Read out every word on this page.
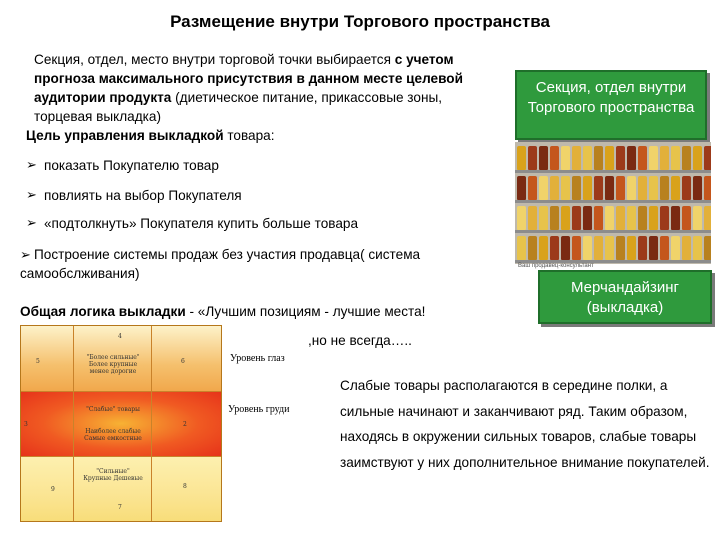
Размещение внутри Торгового пространства
Секция, отдел, место внутри торговой точки выбирается с учетом прогноза максимального присутствия в данном месте целевой аудитории продукта (диетическое питание, прикассовые зоны, торцевая выкладка)
Цель управления выкладкой товара:
➢ показать Покупателю товар
➢ повлиять на выбор Покупателя
➢ «подтолкнуть» Покупателя купить больше товара
➢ Построение системы продаж без участия продавца( система самообслживания)
Общая логика выкладки - «Лучшим позициям - лучшие места!
,но не всегда…..
Слабые товары располагаются в середине полки, а сильные начинают и заканчивают ряд. Таким образом, находясь в окружении сильных товаров, слабые товары заимствуют у них дополнительное внимание покупателей.
Секция, отдел внутри Торгового пространства
Ваш продавец-консультант
Мерчандайзинг (выкладка)
4
5
"Более сильные" Более крупные менее дорогие
6
"Слабые" товары
3	2
Наиболее слабые Самые емкостные
"Сильные" Крупные Дешевые
9	8
7
Уровень глаз
Уровень груди
